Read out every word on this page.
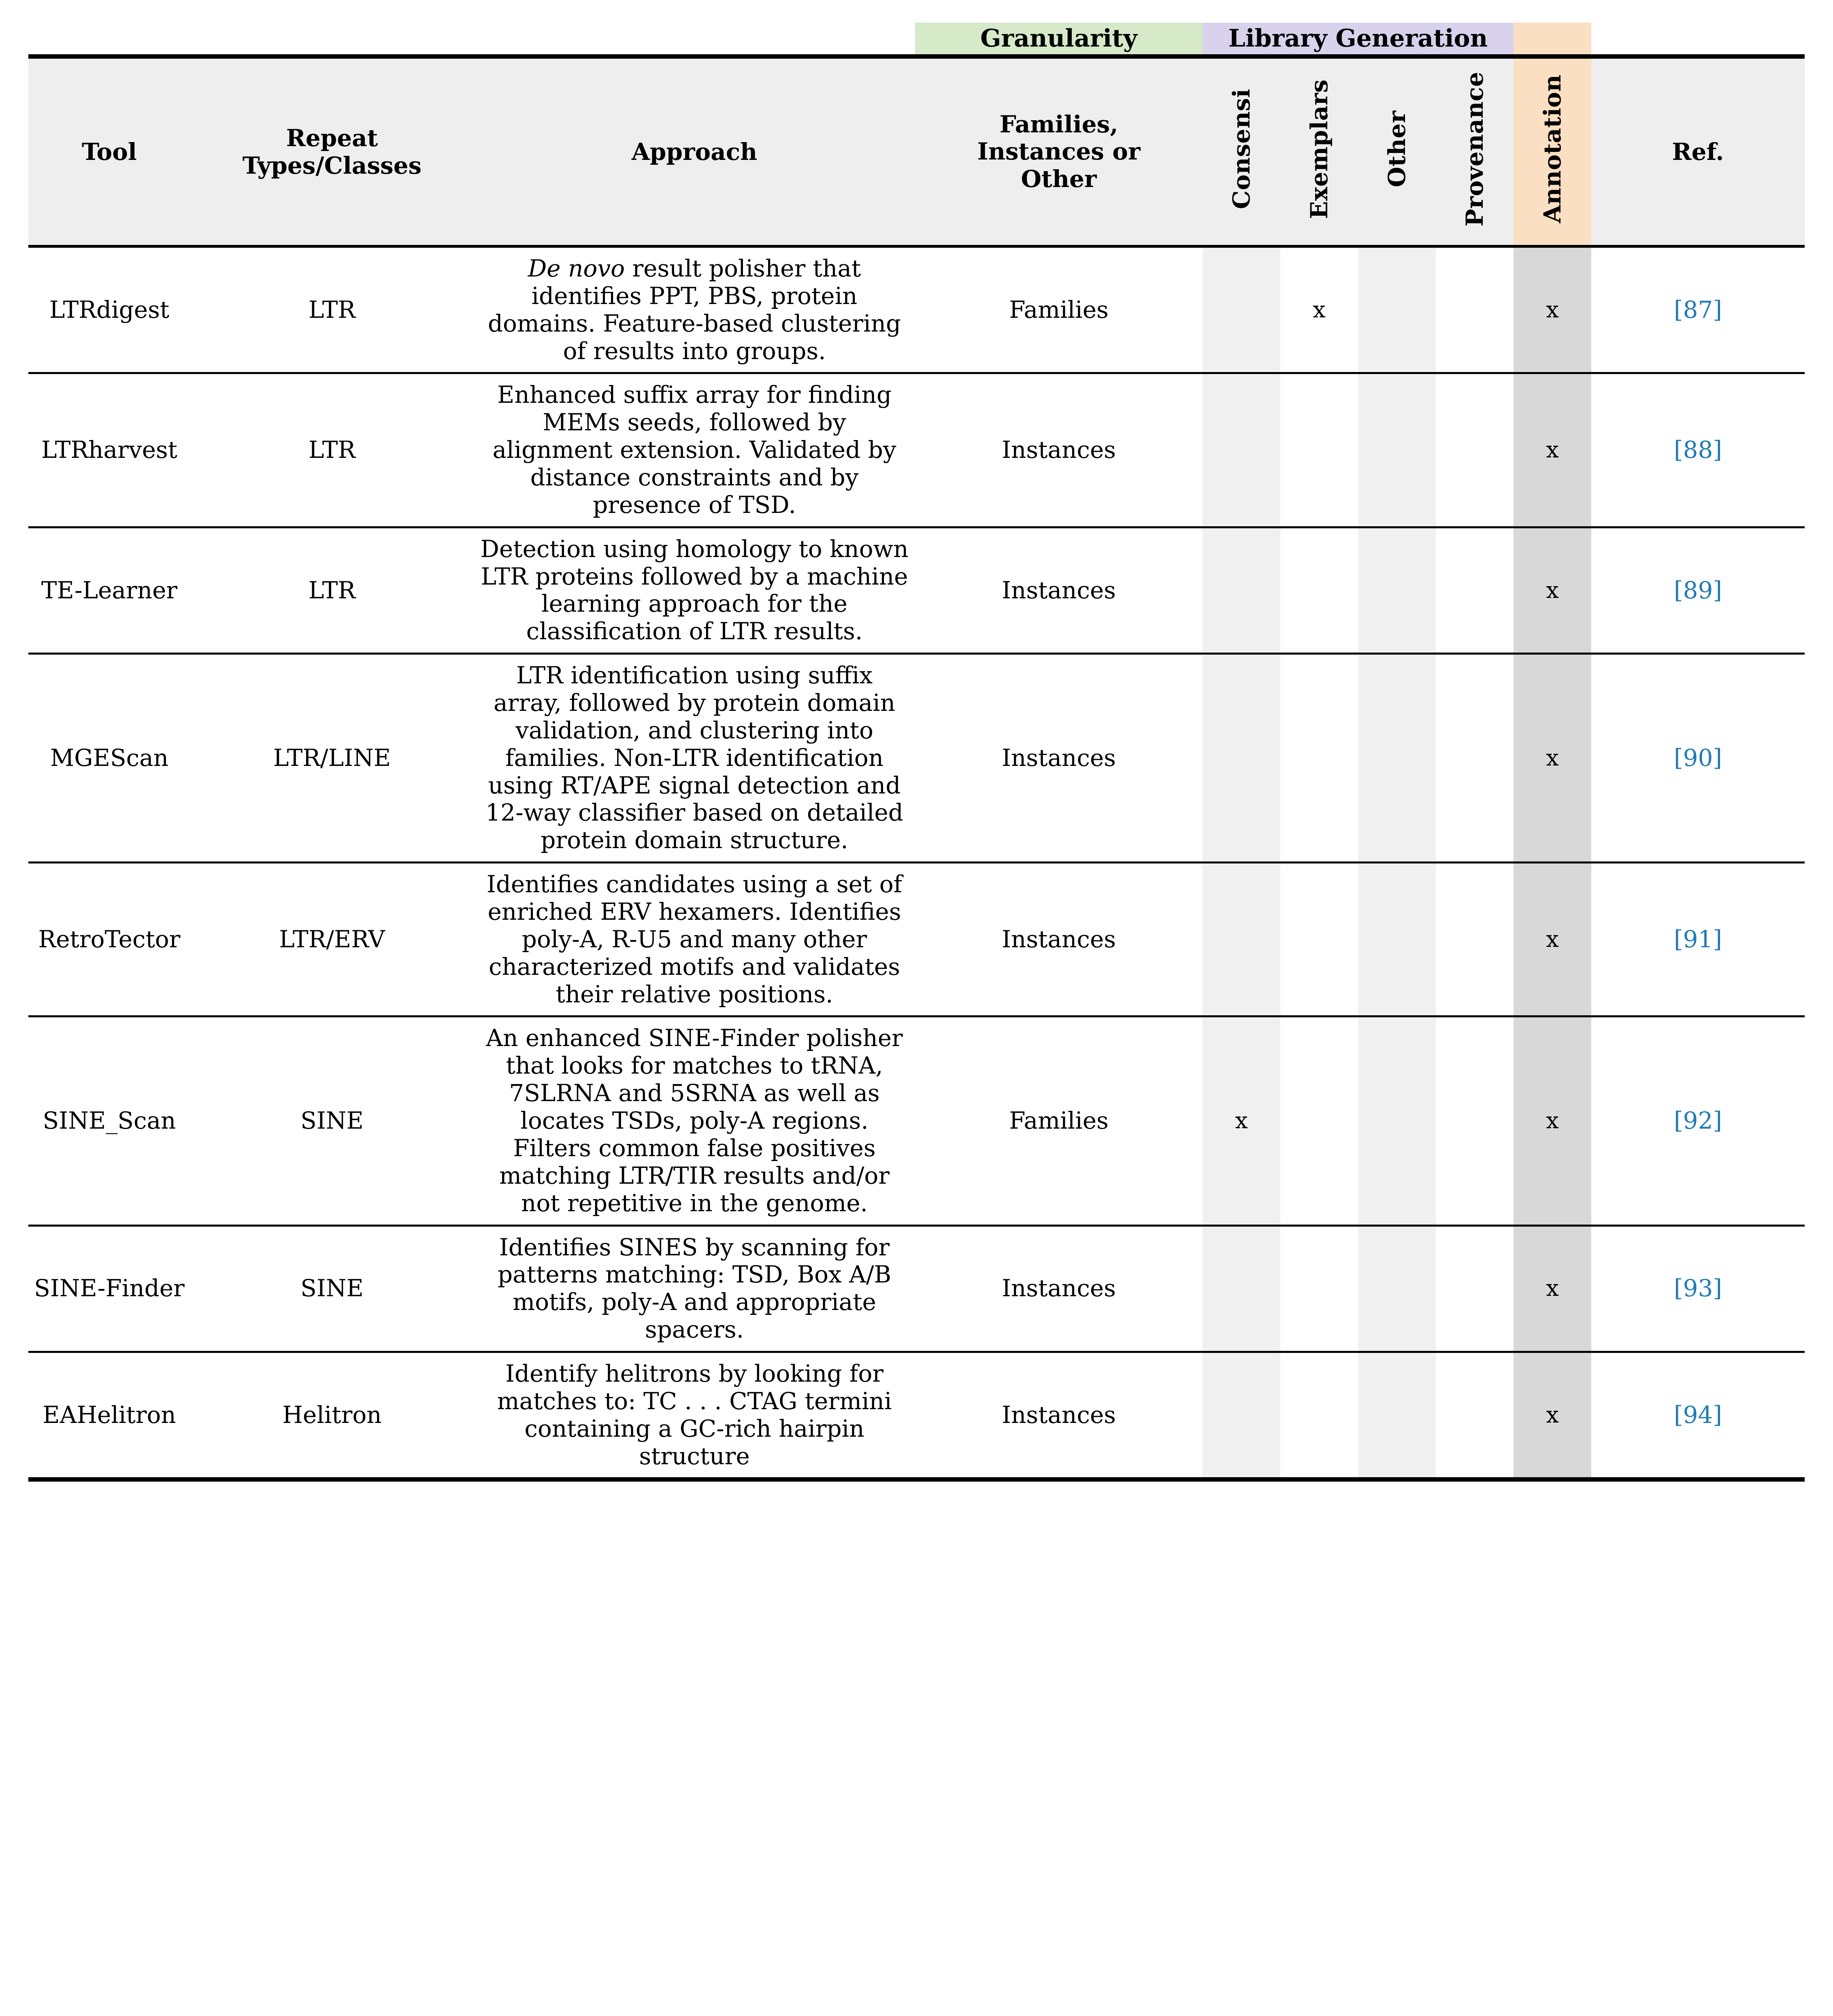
			Granularity	Library Generation					

Tool	Repeat Types/Classes	Approach	Families,
Instances or
Other	Consensi	Exemplars	Other	Provenance	Annotation	Ref.
LTRdigest	LTR	De novo result polisher that identifies PPT, PBS, protein domains. Feature-based clustering of results into groups.	Families		x			x	[87]
LTRharvest	LTR	Enhanced suffix array for finding MEMs seeds, followed by alignment extension. Validated by distance constraints and by presence of TSD.	Instances					x	[88]
TE-Learner	LTR	Detection using homology to known LTR proteins followed by a machine learning approach for the classification of LTR results.	Instances					x	[89]
MGEScan	LTR/LINE	LTR identification using suffix array, followed by protein domain validation, and clustering into families. Non-LTR identification using RT/APE signal detection and 12-way classifier based on detailed protein domain structure.	Instances					x	[90]
RetroTector	LTR/ERV	Identifies candidates using a set of enriched ERV hexamers. Identifies poly-A, R-U5 and many other characterized motifs and validates their relative positions.	Instances					x	[91]
SINE_Scan	SINE	An enhanced SINE-Finder polisher that looks for matches to tRNA, 7SLRNA and 5SRNA as well as locates TSDs, poly-A regions. Filters common false positives matching LTR/TIR results and/or not repetitive in the genome.	Families	x				x	[92]
SINE-Finder	SINE	Identifies SINES by scanning for patterns matching: TSD, Box A/B motifs, poly-A and appropriate spacers.	Instances					x	[93]
EAHelitron	Helitron	Identify helitrons by looking for matches to: TC . . . CTAG termini containing a GC-rich hairpin structure	Instances					x	[94]
